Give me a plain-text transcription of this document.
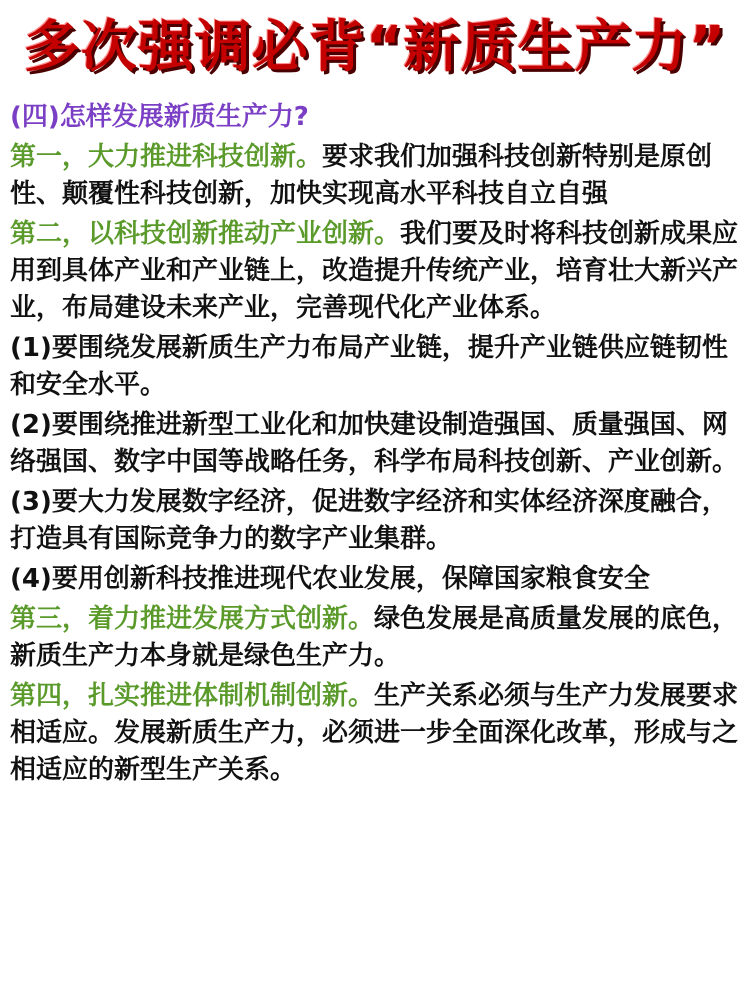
多次强调必背“新质生产力”

(四)怎样发展新质生产力?

第一，大力推进科技创新。要求我们加强科技创新特别是原创性、颠覆性科技创新，加快实现高水平科技自立自强

第二，以科技创新推动产业创新。我们要及时将科技创新成果应用到具体产业和产业链上，改造提升传统产业，培育壮大新兴产业，布局建设未来产业，完善现代化产业体系。

(1)要围绕发展新质生产力布局产业链，提升产业链供应链韧性和安全水平。

(2)要围绕推进新型工业化和加快建设制造强国、质量强国、网络强国、数字中国等战略任务，科学布局科技创新、产业创新。

(3)要大力发展数字经济，促进数字经济和实体经济深度融合，打造具有国际竞争力的数字产业集群。

(4)要用创新科技推进现代农业发展，保障国家粮食安全

第三，着力推进发展方式创新。绿色发展是高质量发展的底色，新质生产力本身就是绿色生产力。

第四，扎实推进体制机制创新。生产关系必须与生产力发展要求相适应。发展新质生产力，必须进一步全面深化改革，形成与之相适应的新型生产关系。
